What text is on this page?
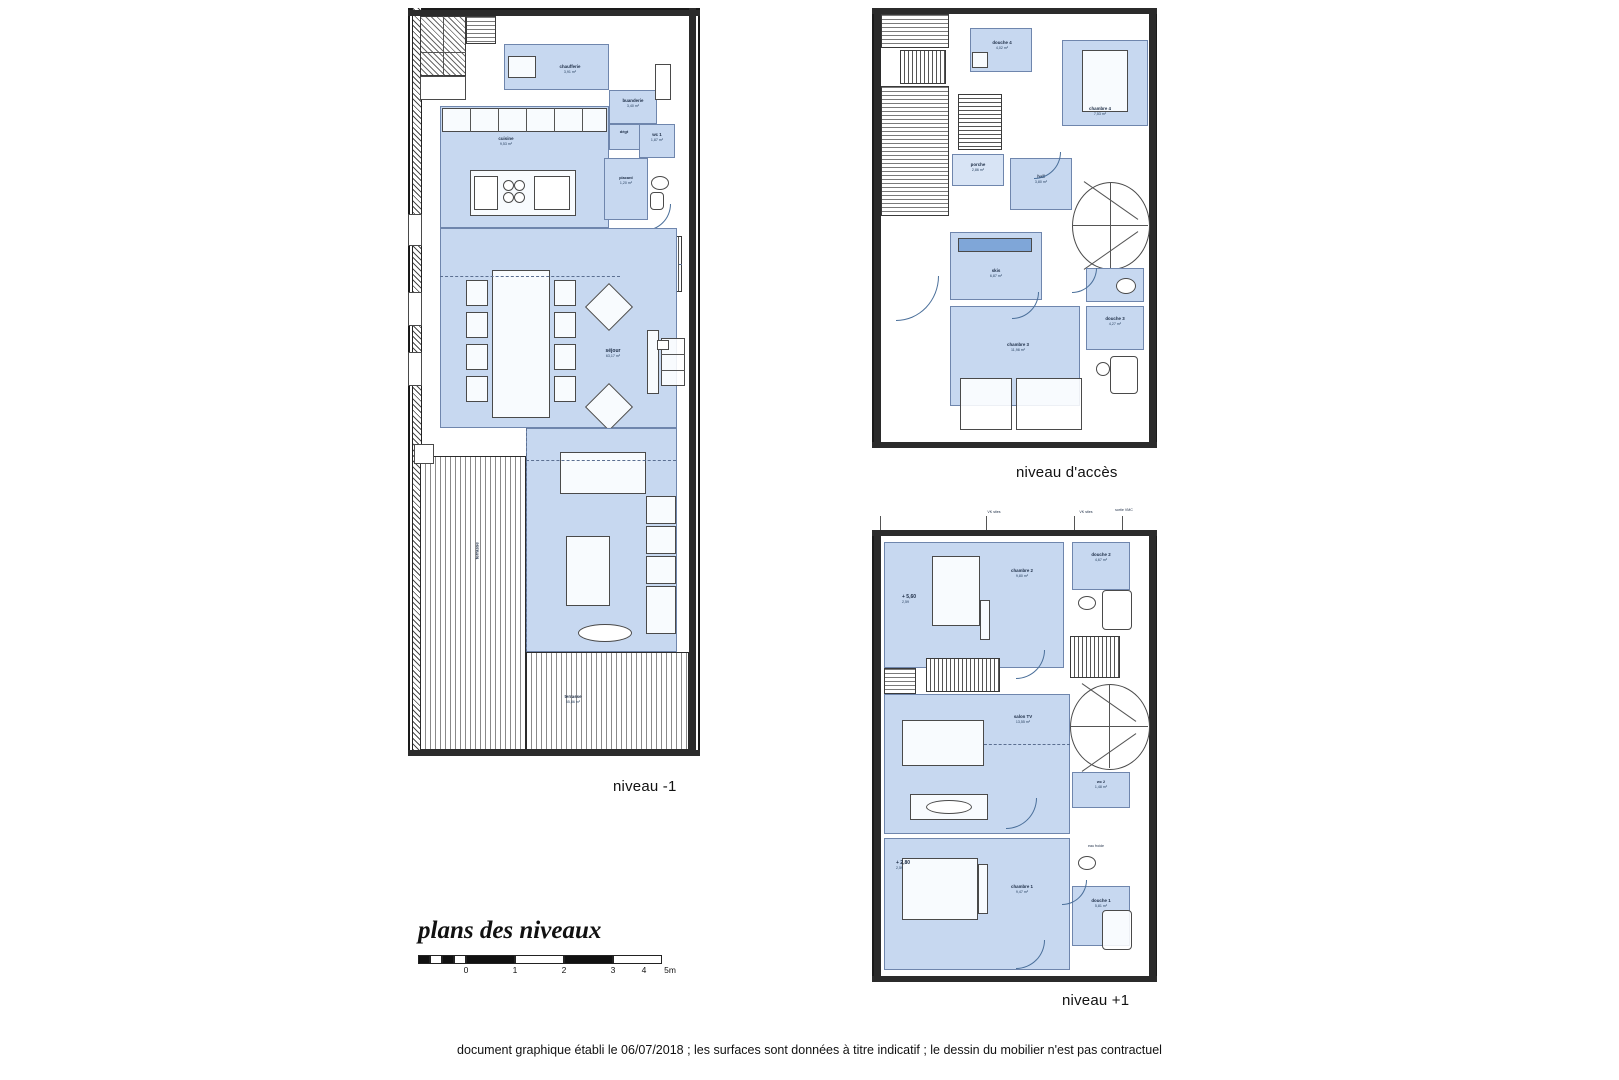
chaufferie
3,91 m²
buanderie
3,40 m²
cuisine
9,53 m²
dégt
wc 1
1,87 m²
placard
1,20 m²
séjour
63,17 m²
terrasse
terrasse
55,86 m²
niveau -1
douche 4
4,02 m²
chambre 4
7,53 m²
porche
2,86 m²
hall
3,80 m²
skis
6,87 m²
chambre 3
11,98 m²
douche 3
4,27 m²
niveau d'accès
VK sties	VK sties	sortie VMC
chambre 2
9,80 m²
+ 5,60
2,59
douche 2
4,67 m²
salon TV
13,55 m²
wc 2
1,48 m²
chambre 1
9,47 m²
+ 2,80
2,59
douche 1
5,81 m²
eau froide
niveau +1
plans des niveaux
0	1	2	3	4 5m
document graphique établi le 06/07/2018 ; les surfaces sont données à titre indicatif ; le dessin du mobilier n'est pas contractuel
